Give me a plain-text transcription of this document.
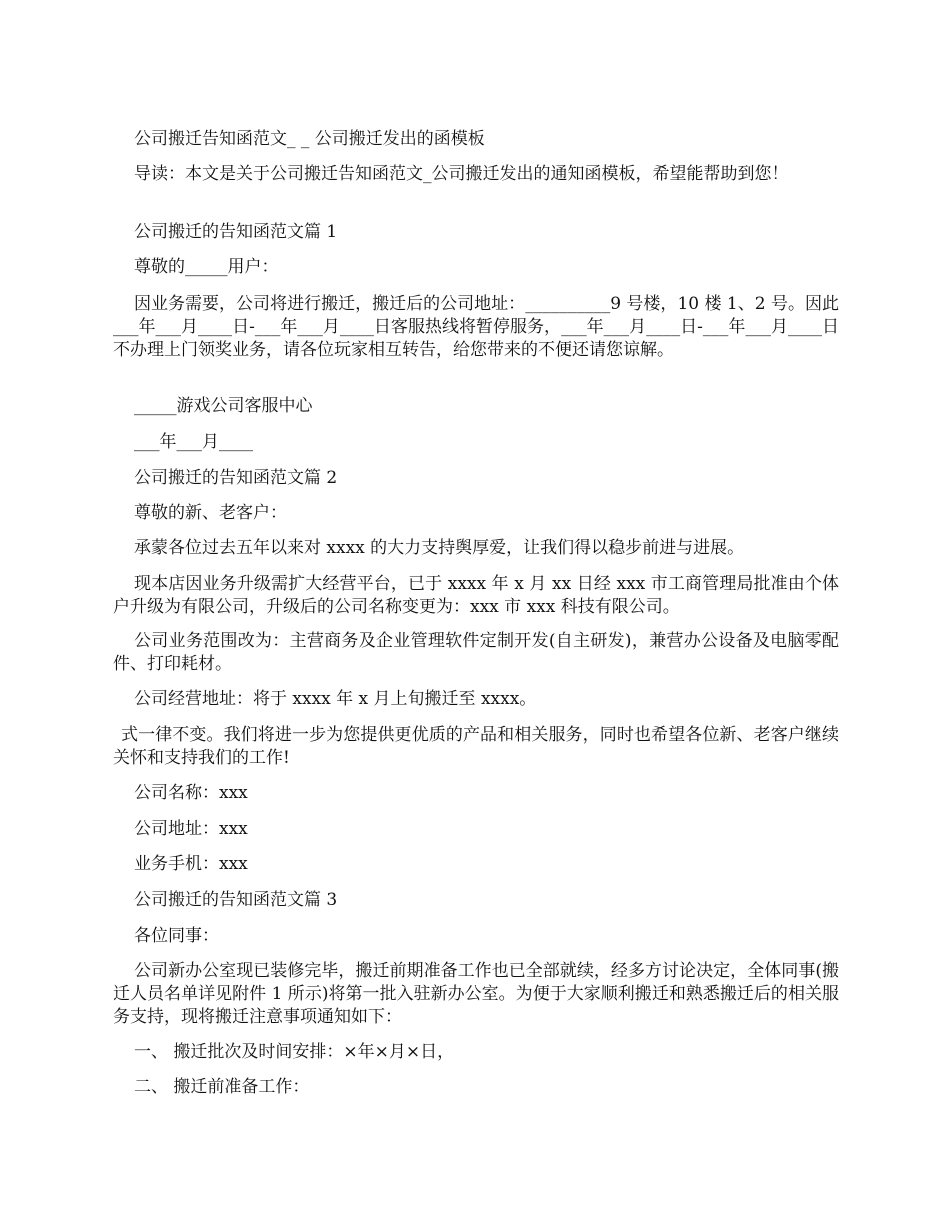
公司搬迁告知函范文_ _ 公司搬迁发出的函模板

导读：本文是关于公司搬迁告知函范文_公司搬迁发出的通知函模板，希望能帮助到您！

公司搬迁的告知函范文篇 1

尊敬的_____用户：

因业务需要，公司将进行搬迁，搬迁后的公司地址：__________9 号楼，10 楼 1、2 号。因此___年___月____日-___年___月____日客服热线将暂停服务，___年___月____日-___年___月____日不办理上门领奖业务，请各位玩家相互转告，给您带来的不便还请您谅解。

_____游戏公司客服中心

___年___月____

公司搬迁的告知函范文篇 2

尊敬的新、老客户：

承蒙各位过去五年以来对 xxxx 的大力支持舆厚爱，让我们得以稳步前进与进展。

现本店因业务升级需扩大经营平台，已于 xxxx 年 x 月 xx 日经 xxx 市工商管理局批准由个体户升级为有限公司，升级后的公司名称变更为：xxx 市 xxx 科技有限公司。

公司业务范围改为：主营商务及企业管理软件定制开发(自主研发)，兼营办公设备及电脑零配件、打印耗材。

公司经营地址：将于 xxxx 年 x 月上旬搬迁至 xxxx。

式一律不变。我们将进一步为您提供更优质的产品和相关服务，同时也希望各位新、老客户继续关怀和支持我们的工作!

公司名称：xxx

公司地址：xxx

业务手机：xxx

公司搬迁的告知函范文篇 3

各位同事：

公司新办公室现已装修完毕，搬迁前期准备工作也已全部就续，经多方讨论决定，全体同事(搬迁人员名单详见附件 1 所示)将第一批入驻新办公室。为便于大家顺利搬迁和熟悉搬迁后的相关服务支持，现将搬迁注意事项通知如下：

一、 搬迁批次及时间安排：×年×月×日，

二、 搬迁前准备工作：
